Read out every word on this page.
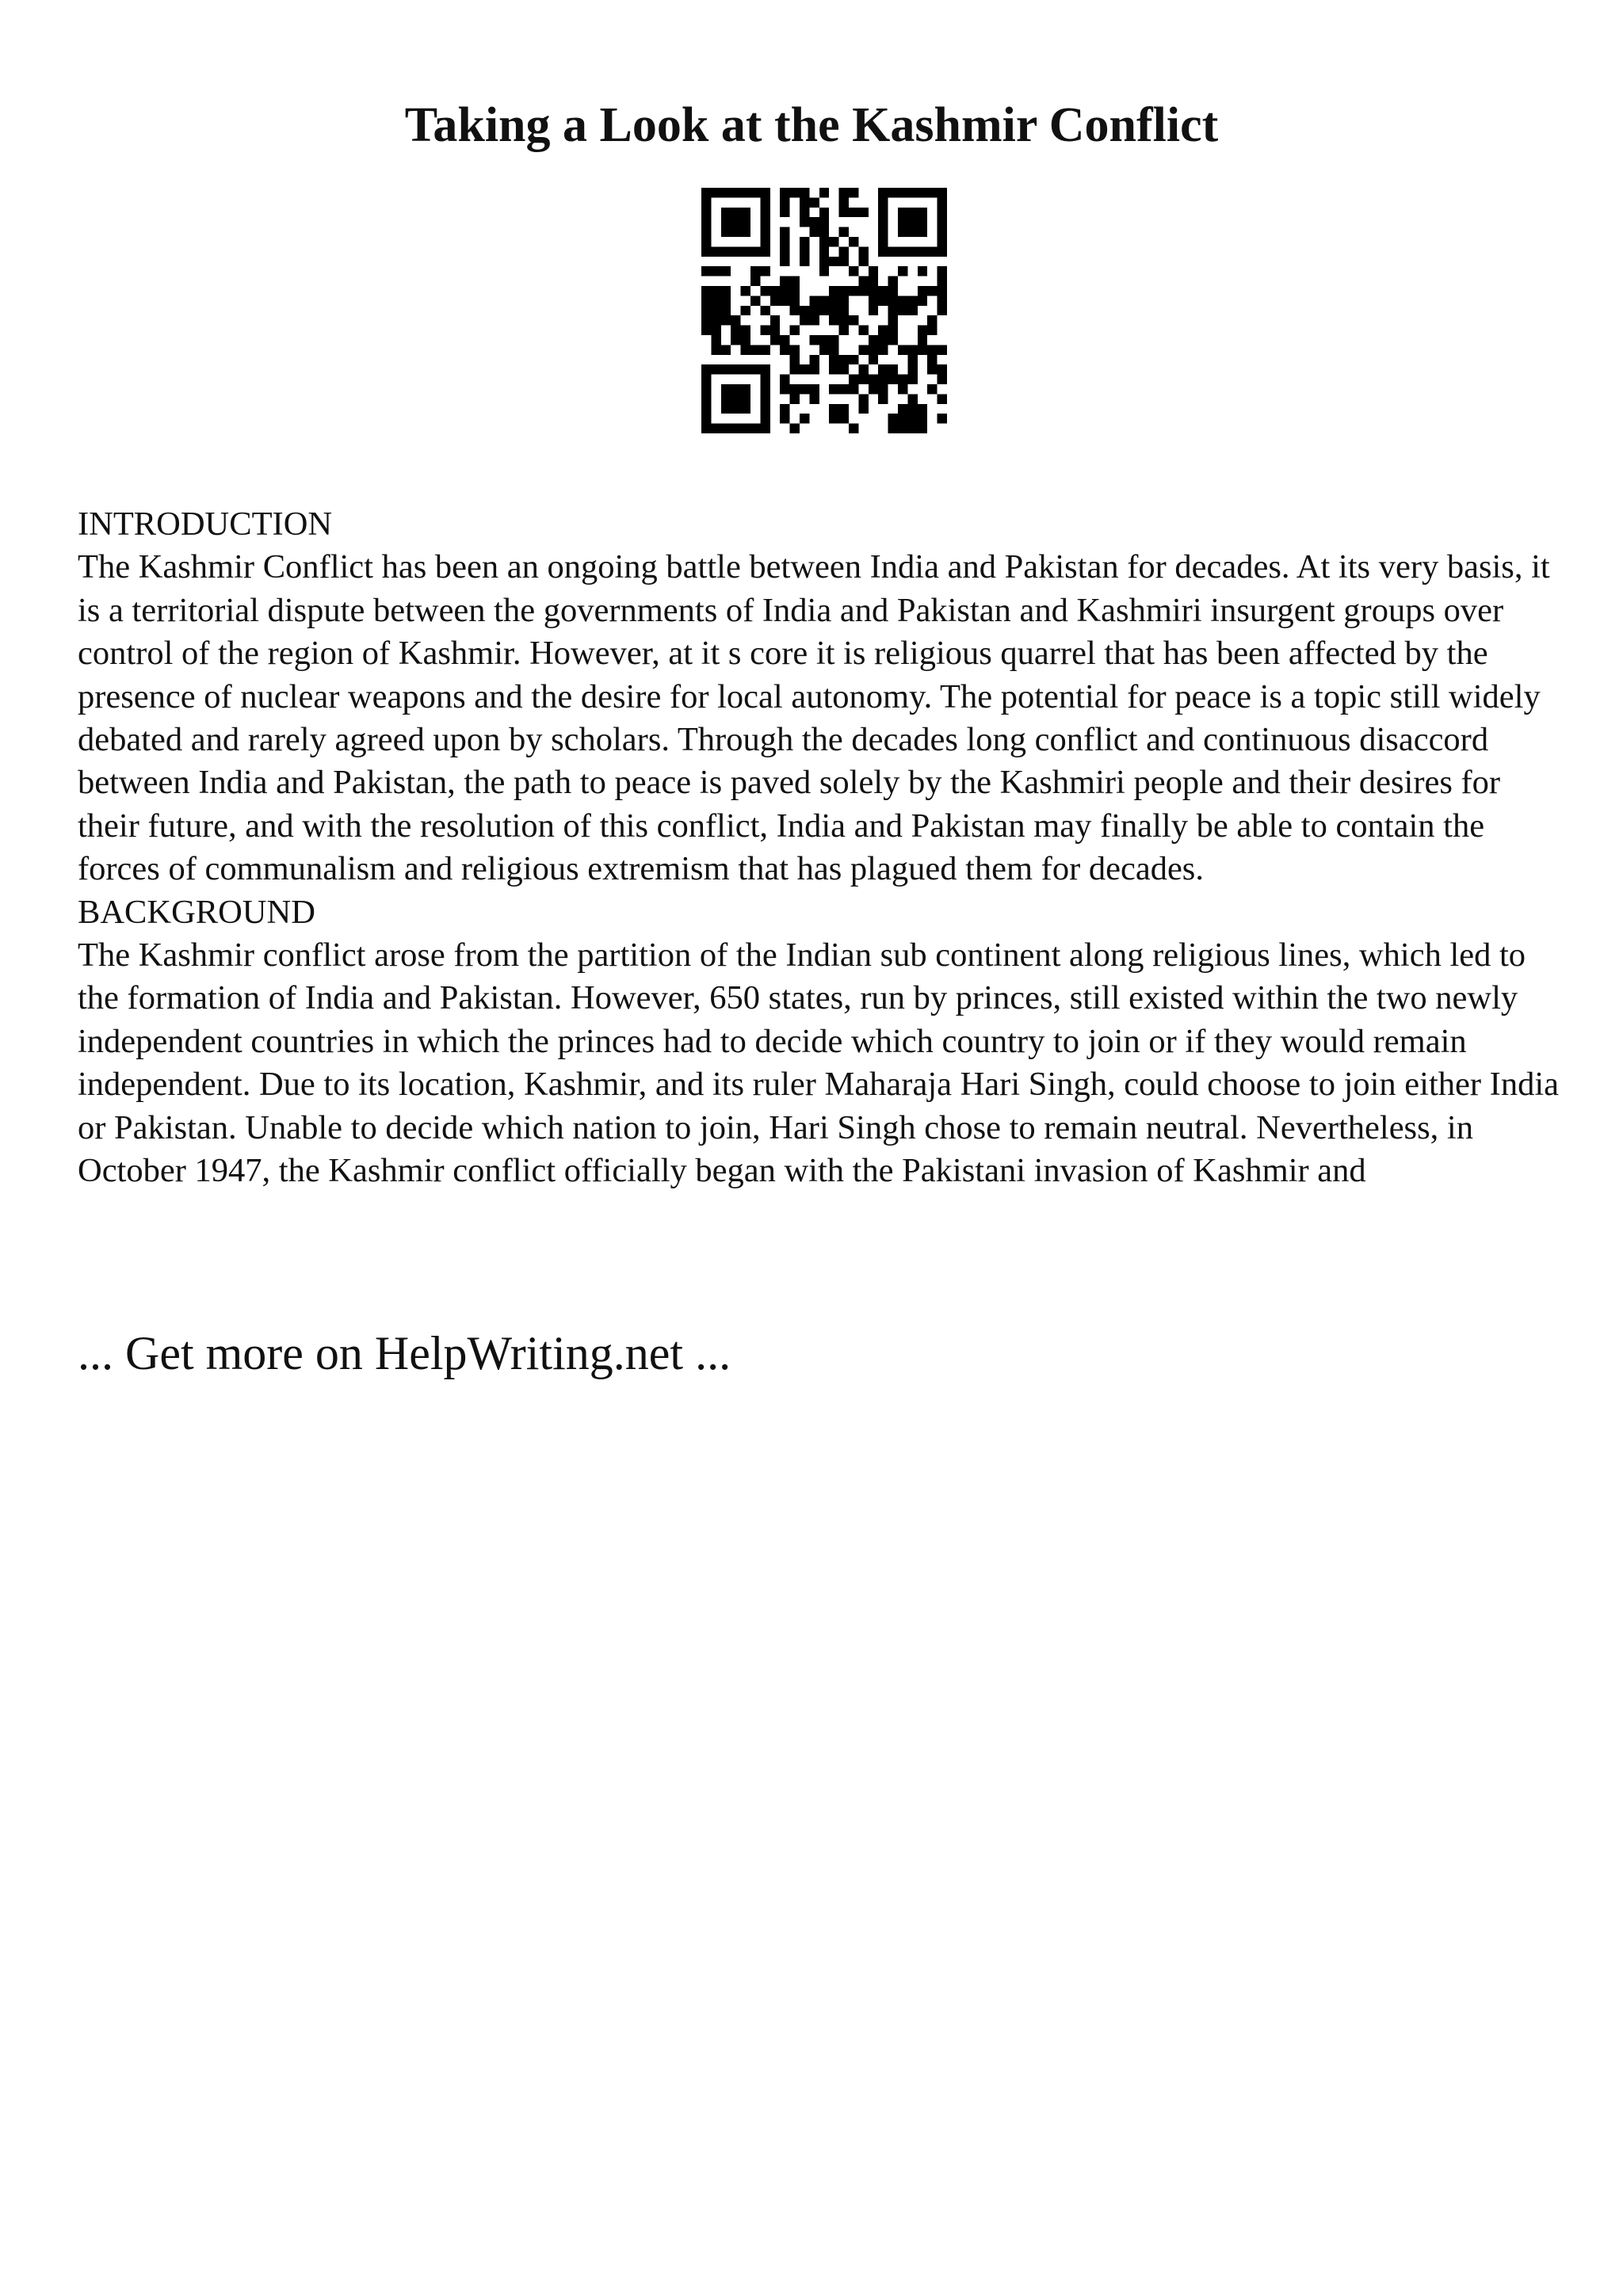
Taking a Look at the Kashmir Conflict

INTRODUCTION

The Kashmir Conflict has been an ongoing battle between India and Pakistan for decades. At its very basis, it is a territorial dispute between the governments of India and Pakistan and Kashmiri insurgent groups over control of the region of Kashmir. However, at it s core it is religious quarrel that has been affected by the presence of nuclear weapons and the desire for local autonomy. The potential for peace is a topic still widely debated and rarely agreed upon by scholars. Through the decades long conflict and continuous disaccord between India and Pakistan, the path to peace is paved solely by the Kashmiri people and their desires for their future, and with the resolution of this conflict, India and Pakistan may finally be able to contain the forces of communalism and religious extremism that has plagued them for decades.

BACKGROUND

The Kashmir conflict arose from the partition of the Indian sub continent along religious lines, which led to the formation of India and Pakistan. However, 650 states, run by princes, still existed within the two newly independent countries in which the princes had to decide which country to join or if they would remain independent. Due to its location, Kashmir, and its ruler Maharaja Hari Singh, could choose to join either India or Pakistan. Unable to decide which nation to join, Hari Singh chose to remain neutral. Nevertheless, in October 1947, the Kashmir conflict officially began with the Pakistani invasion of Kashmir and

... Get more on HelpWriting.net ...
